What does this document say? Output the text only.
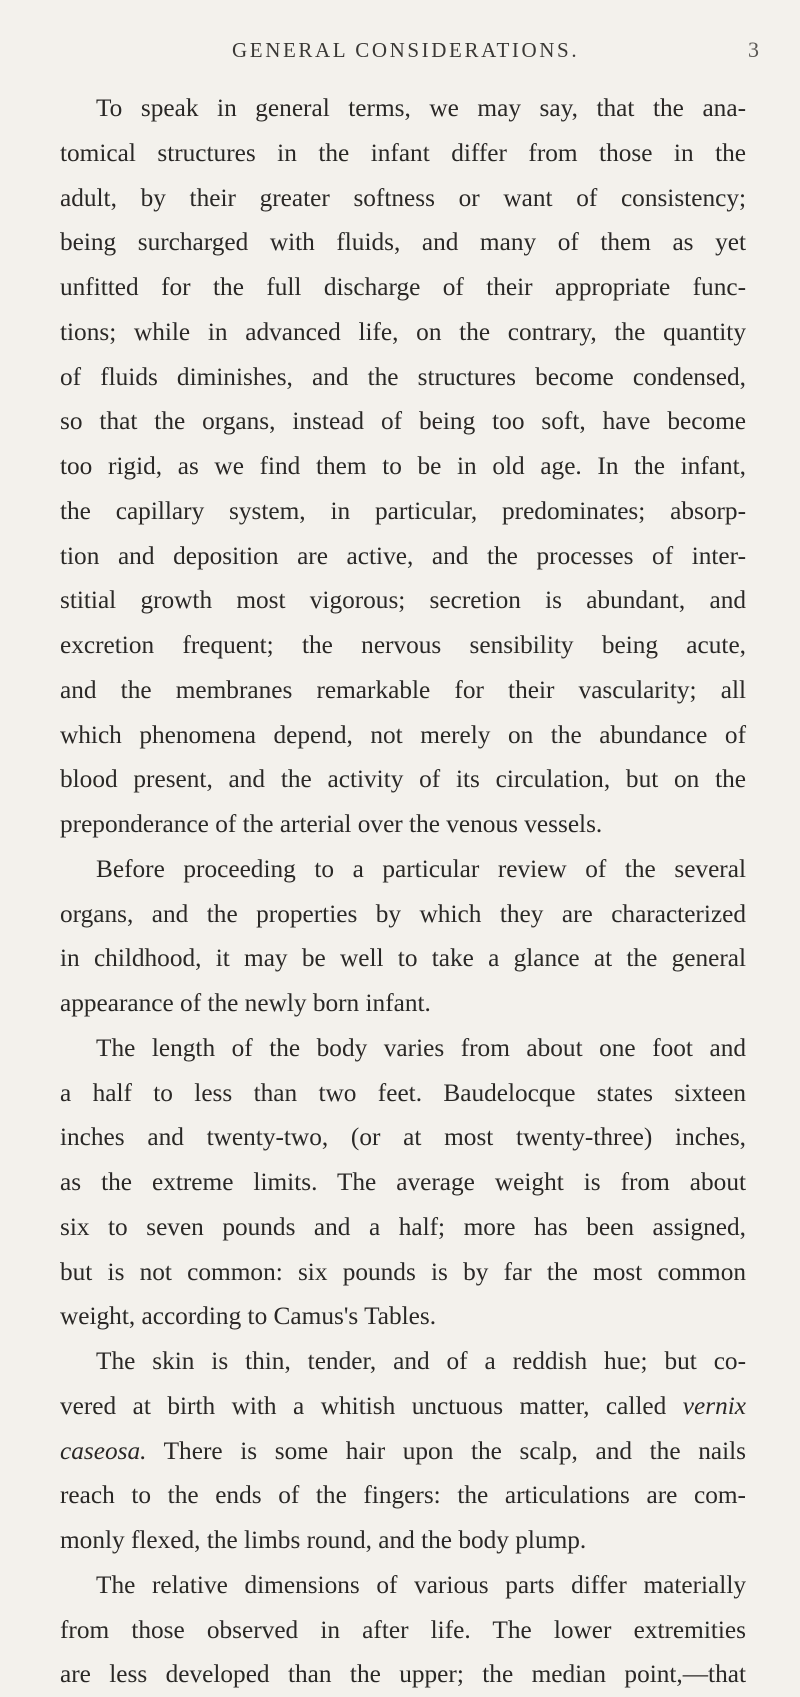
GENERAL CONSIDERATIONS.	3
To speak in general terms, we may say, that the ana-
tomical structures in the infant differ from those in the
adult, by their greater softness or want of consistency;
being surcharged with fluids, and many of them as yet
unfitted for the full discharge of their appropriate func-
tions; while in advanced life, on the contrary, the quantity
of fluids diminishes, and the structures become condensed,
so that the organs, instead of being too soft, have become
too rigid, as we find them to be in old age. In the infant,
the capillary system, in particular, predominates; absorp-
tion and deposition are active, and the processes of inter-
stitial growth most vigorous; secretion is abundant, and
excretion frequent; the nervous sensibility being acute,
and the membranes remarkable for their vascularity; all
which phenomena depend, not merely on the abundance of
blood present, and the activity of its circulation, but on the
preponderance of the arterial over the venous vessels.
Before proceeding to a particular review of the several
organs, and the properties by which they are characterized
in childhood, it may be well to take a glance at the general
appearance of the newly born infant.
The length of the body varies from about one foot and
a half to less than two feet. Baudelocque states sixteen
inches and twenty-two, (or at most twenty-three) inches,
as the extreme limits. The average weight is from about
six to seven pounds and a half; more has been assigned,
but is not common: six pounds is by far the most common
weight, according to Camus's Tables.
The skin is thin, tender, and of a reddish hue; but co-
vered at birth with a whitish unctuous matter, called vernix
caseosa. There is some hair upon the scalp, and the nails
reach to the ends of the fingers: the articulations are com-
monly flexed, the limbs round, and the body plump.
The relative dimensions of various parts differ materially
from those observed in after life. The lower extremities
are less developed than the upper; the median point,—that
